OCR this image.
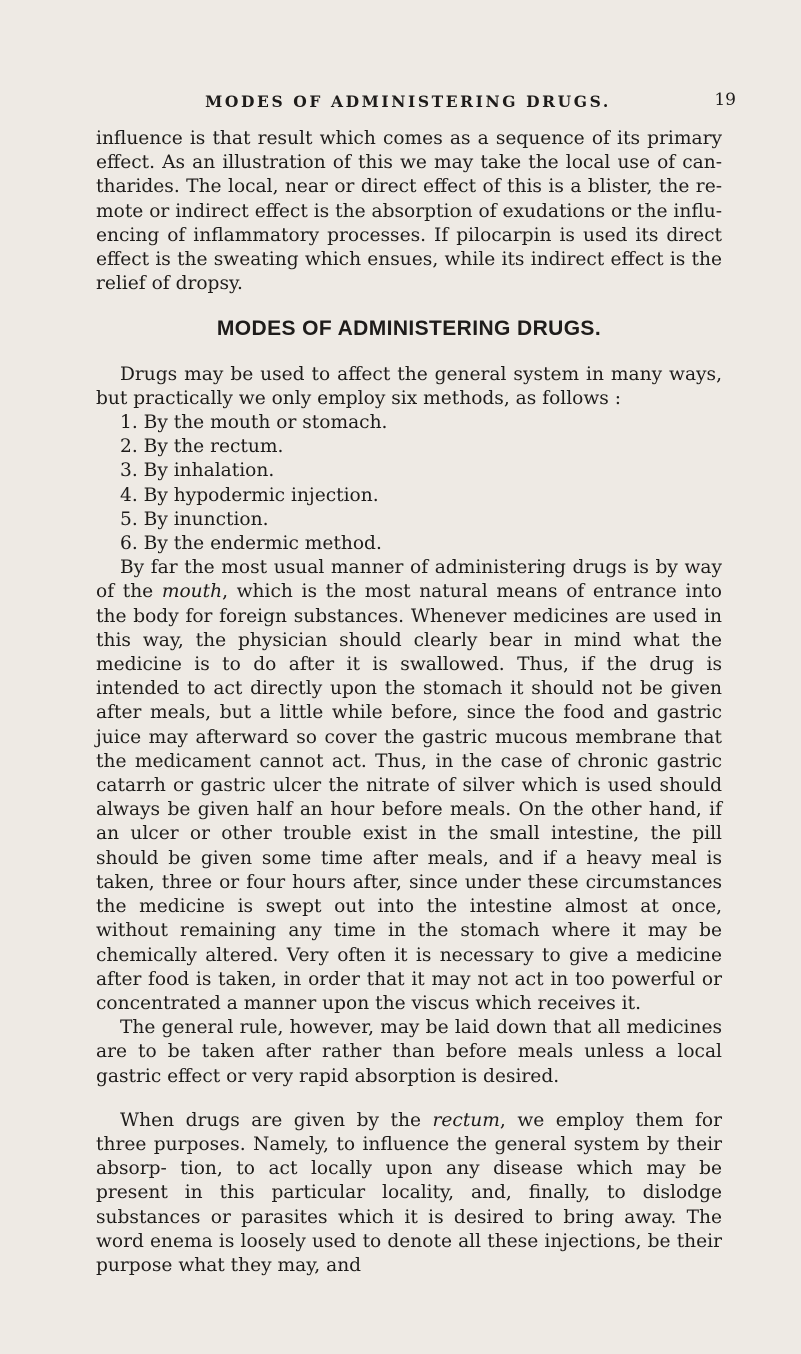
MODES OF ADMINISTERING DRUGS.	19

influence is that result which comes as a sequence of its primary effect. As an illustration of this we may take the local use of can- tharides. The local, near or direct effect of this is a blister, the re- mote or indirect effect is the absorption of exudations or the influ- encing of inflammatory processes. If pilocarpin is used its direct effect is the sweating which ensues, while its indirect effect is the relief of dropsy.

MODES OF ADMINISTERING DRUGS.

Drugs may be used to affect the general system in many ways, but practically we only employ six methods, as follows :

1. By the mouth or stomach.
2. By the rectum.
3. By inhalation.
4. By hypodermic injection.
5. By inunction.
6. By the endermic method.

By far the most usual manner of administering drugs is by way of the mouth, which is the most natural means of entrance into the body for foreign substances. Whenever medicines are used in this way, the physician should clearly bear in mind what the medicine is to do after it is swallowed. Thus, if the drug is intended to act directly upon the stomach it should not be given after meals, but a little while before, since the food and gastric juice may afterward so cover the gastric mucous membrane that the medicament cannot act. Thus, in the case of chronic gastric catarrh or gastric ulcer the nitrate of silver which is used should always be given half an hour before meals. On the other hand, if an ulcer or other trouble exist in the small intestine, the pill should be given some time after meals, and if a heavy meal is taken, three or four hours after, since under these circumstances the medicine is swept out into the intestine almost at once, without remaining any time in the stomach where it may be chemically altered. Very often it is necessary to give a medicine after food is taken, in order that it may not act in too powerful or concentrated a manner upon the viscus which receives it.

The general rule, however, may be laid down that all medicines are to be taken after rather than before meals unless a local gastric effect or very rapid absorption is desired.

When drugs are given by the rectum, we employ them for three purposes. Namely, to influence the general system by their absorp- tion, to act locally upon any disease which may be present in this particular locality, and, finally, to dislodge substances or parasites which it is desired to bring away. The word enema is loosely used to denote all these injections, be their purpose what they may, and
